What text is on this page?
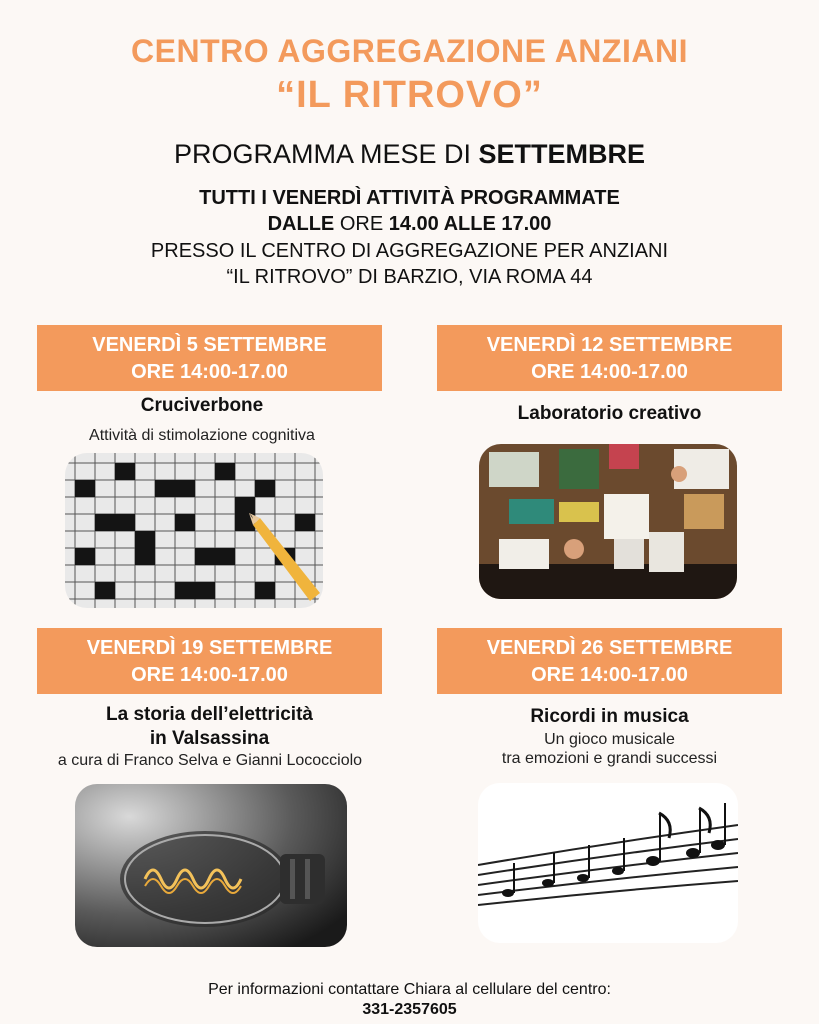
CENTRO AGGREGAZIONE ANZIANI
“IL RITROVO”
PROGRAMMA MESE DI SETTEMBRE
TUTTI I VENERDÌ ATTIVITÀ PROGRAMMATE
DALLE ORE 14.00 ALLE 17.00
PRESSO IL CENTRO DI AGGREGAZIONE PER ANZIANI
“IL RITROVO” DI BARZIO, VIA ROMA 44
VENERDÌ 5 SETTEMBRE
ORE 14:00-17.00
Cruciverbone
Attività di stimolazione cognitiva
VENERDÌ 12 SETTEMBRE
ORE 14:00-17.00
Laboratorio creativo
VENERDÌ 19 SETTEMBRE
ORE 14:00-17.00
La storia dell’elettricità
in Valsassina
a cura di Franco Selva e Gianni Lococciolo
VENERDÌ 26 SETTEMBRE
ORE 14:00-17.00
Ricordi in musica
Un gioco musicale
tra emozioni e grandi successi
Per informazioni contattare Chiara al cellulare del centro:
331-2357605
